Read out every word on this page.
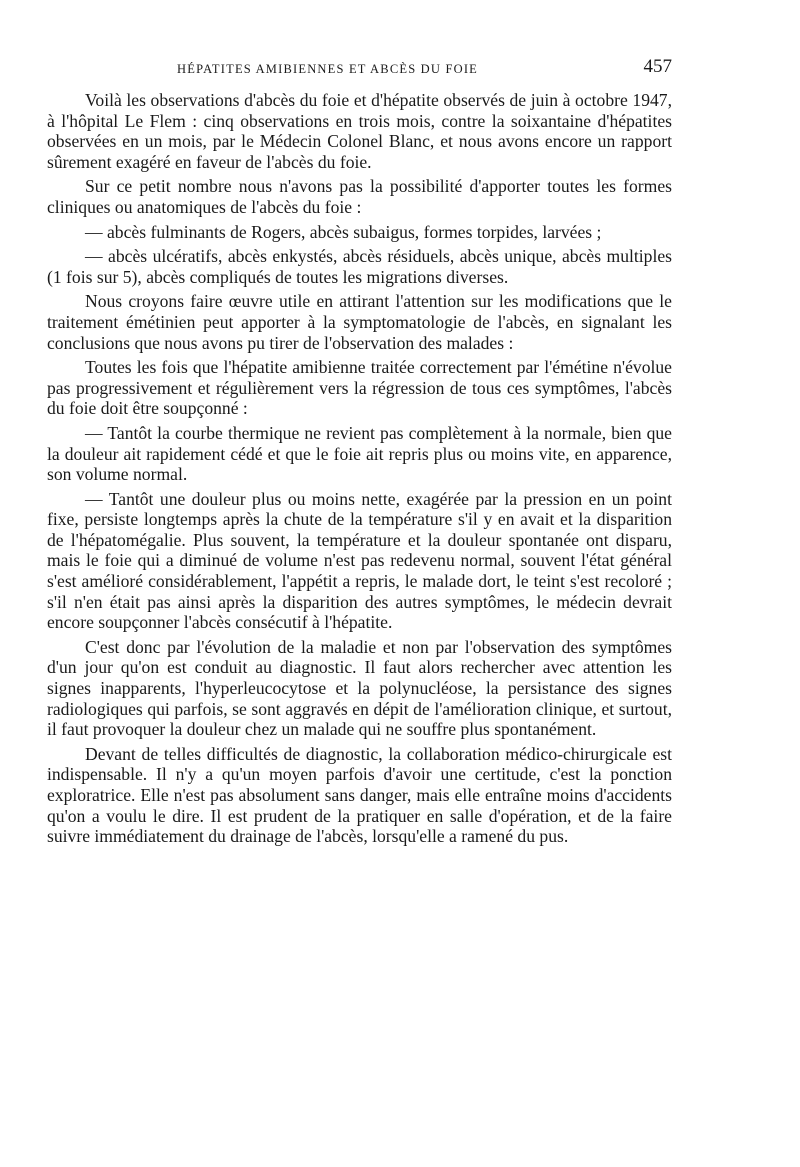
HÉPATITES AMIBIENNES ET ABCÈS DU FOIE	457

Voilà les observations d'abcès du foie et d'hépatite observés de juin à octobre 1947, à l'hôpital Le Flem : cinq observations en trois mois, contre la soixantaine d'hépatites observées en un mois, par le Médecin Colonel Blanc, et nous avons encore un rapport sûrement exagéré en faveur de l'abcès du foie.

Sur ce petit nombre nous n'avons pas la possibilité d'apporter toutes les formes cliniques ou anatomiques de l'abcès du foie :

— abcès fulminants de Rogers, abcès subaigus, formes torpides, larvées ;

— abcès ulcératifs, abcès enkystés, abcès résiduels, abcès unique, abcès multiples (1 fois sur 5), abcès compliqués de toutes les migrations diverses.

Nous croyons faire œuvre utile en attirant l'attention sur les modifications que le traitement émétinien peut apporter à la symptomatologie de l'abcès, en signalant les conclusions que nous avons pu tirer de l'observation des malades :

Toutes les fois que l'hépatite amibienne traitée correctement par l'émétine n'évolue pas progressivement et régulièrement vers la régression de tous ces symptômes, l'abcès du foie doit être soupçonné :

— Tantôt la courbe thermique ne revient pas complètement à la normale, bien que la douleur ait rapidement cédé et que le foie ait repris plus ou moins vite, en apparence, son volume normal.

— Tantôt une douleur plus ou moins nette, exagérée par la pression en un point fixe, persiste longtemps après la chute de la température s'il y en avait et la disparition de l'hépatomégalie. Plus souvent, la température et la douleur spontanée ont disparu, mais le foie qui a diminué de volume n'est pas redevenu normal, souvent l'état général s'est amélioré considérablement, l'appétit a repris, le malade dort, le teint s'est recoloré ; s'il n'en était pas ainsi après la disparition des autres symptômes, le médecin devrait encore soupçonner l'abcès consécutif à l'hépatite.

C'est donc par l'évolution de la maladie et non par l'observation des symptômes d'un jour qu'on est conduit au diagnostic. Il faut alors rechercher avec attention les signes inapparents, l'hyperleucocytose et la polynucléose, la persistance des signes radiologiques qui parfois, se sont aggravés en dépit de l'amélioration clinique, et surtout, il faut provoquer la douleur chez un malade qui ne souffre plus spontanément.

Devant de telles difficultés de diagnostic, la collaboration médico-chirurgicale est indispensable. Il n'y a qu'un moyen parfois d'avoir une certitude, c'est la ponction exploratrice. Elle n'est pas absolument sans danger, mais elle entraîne moins d'accidents qu'on a voulu le dire. Il est prudent de la pratiquer en salle d'opération, et de la faire suivre immédiatement du drainage de l'abcès, lorsqu'elle a ramené du pus.
